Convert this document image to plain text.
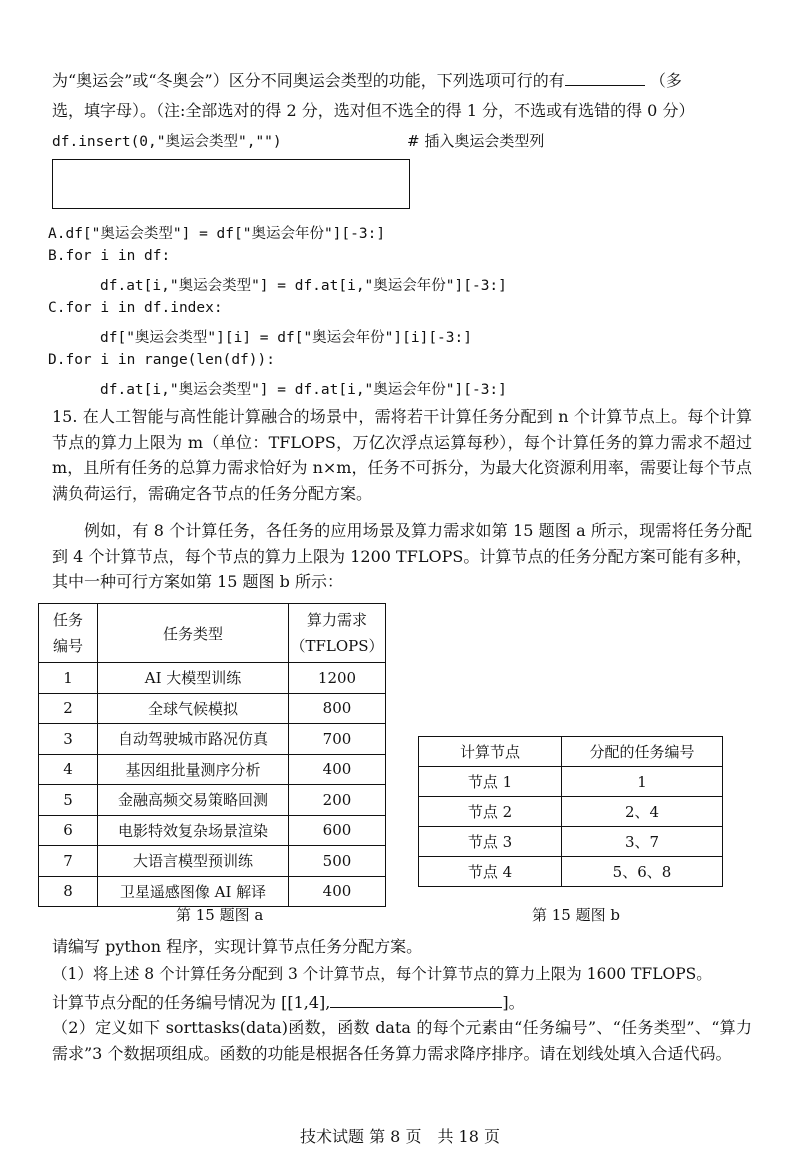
为“奥运会”或“冬奥会”）区分不同奥运会类型的功能，下列选项可行的有	（多
选，填字母）。（注:全部选对的得 2 分，选对但不选全的得 1 分，不选或有选错的得 0 分）
df.insert(0,"奥运会类型","")	# 插入奥运会类型列
A.df["奥运会类型"] = df["奥运会年份"][-3:]
B.for i in df:
df.at[i,"奥运会类型"] = df.at[i,"奥运会年份"][-3:]
C.for i in df.index:
df["奥运会类型"][i] = df["奥运会年份"][i][-3:]
D.for i in range(len(df)):
df.at[i,"奥运会类型"] = df.at[i,"奥运会年份"][-3:]
15. 在人工智能与高性能计算融合的场景中，需将若干计算任务分配到 n 个计算节点上。每个计算节点的算力上限为 m（单位：TFLOPS，万亿次浮点运算每秒），每个计算任务的算力需求不超过 m，且所有任务的总算力需求恰好为 n×m，任务不可拆分，为最大化资源利用率，需要让每个节点满负荷运行，需确定各节点的任务分配方案。
例如，有 8 个计算任务，各任务的应用场景及算力需求如第 15 题图 a 所示，现需将任务分配到 4 个计算节点，每个节点的算力上限为 1200 TFLOPS。计算节点的任务分配方案可能有多种，其中一种可行方案如第 15 题图 b 所示：
任务
编号	任务类型	算力需求
（TFLOPS）
1	AI 大模型训练	1200
2	全球气候模拟	800
3	自动驾驶城市路况仿真	700
4	基因组批量测序分析	400
5	金融高频交易策略回测	200
6	电影特效复杂场景渲染	600
7	大语言模型预训练	500
8	卫星遥感图像 AI 解译	400
第 15 题图 a
计算节点	分配的任务编号
节点 1	1
节点 2	2、4
节点 3	3、7
节点 4	5、6、8
第 15 题图 b
请编写 python 程序，实现计算节点任务分配方案。
（1）将上述 8 个计算任务分配到 3 个计算节点，每个计算节点的算力上限为 1600 TFLOPS。
计算节点分配的任务编号情况为 [[1,4],	]。
（2）定义如下 sorttasks(data)函数，函数 data 的每个元素由“任务编号”、“任务类型”、“算力需求”3 个数据项组成。函数的功能是根据各任务算力需求降序排序。请在划线处填入合适代码。
技术试题 第 8 页　共 18 页
